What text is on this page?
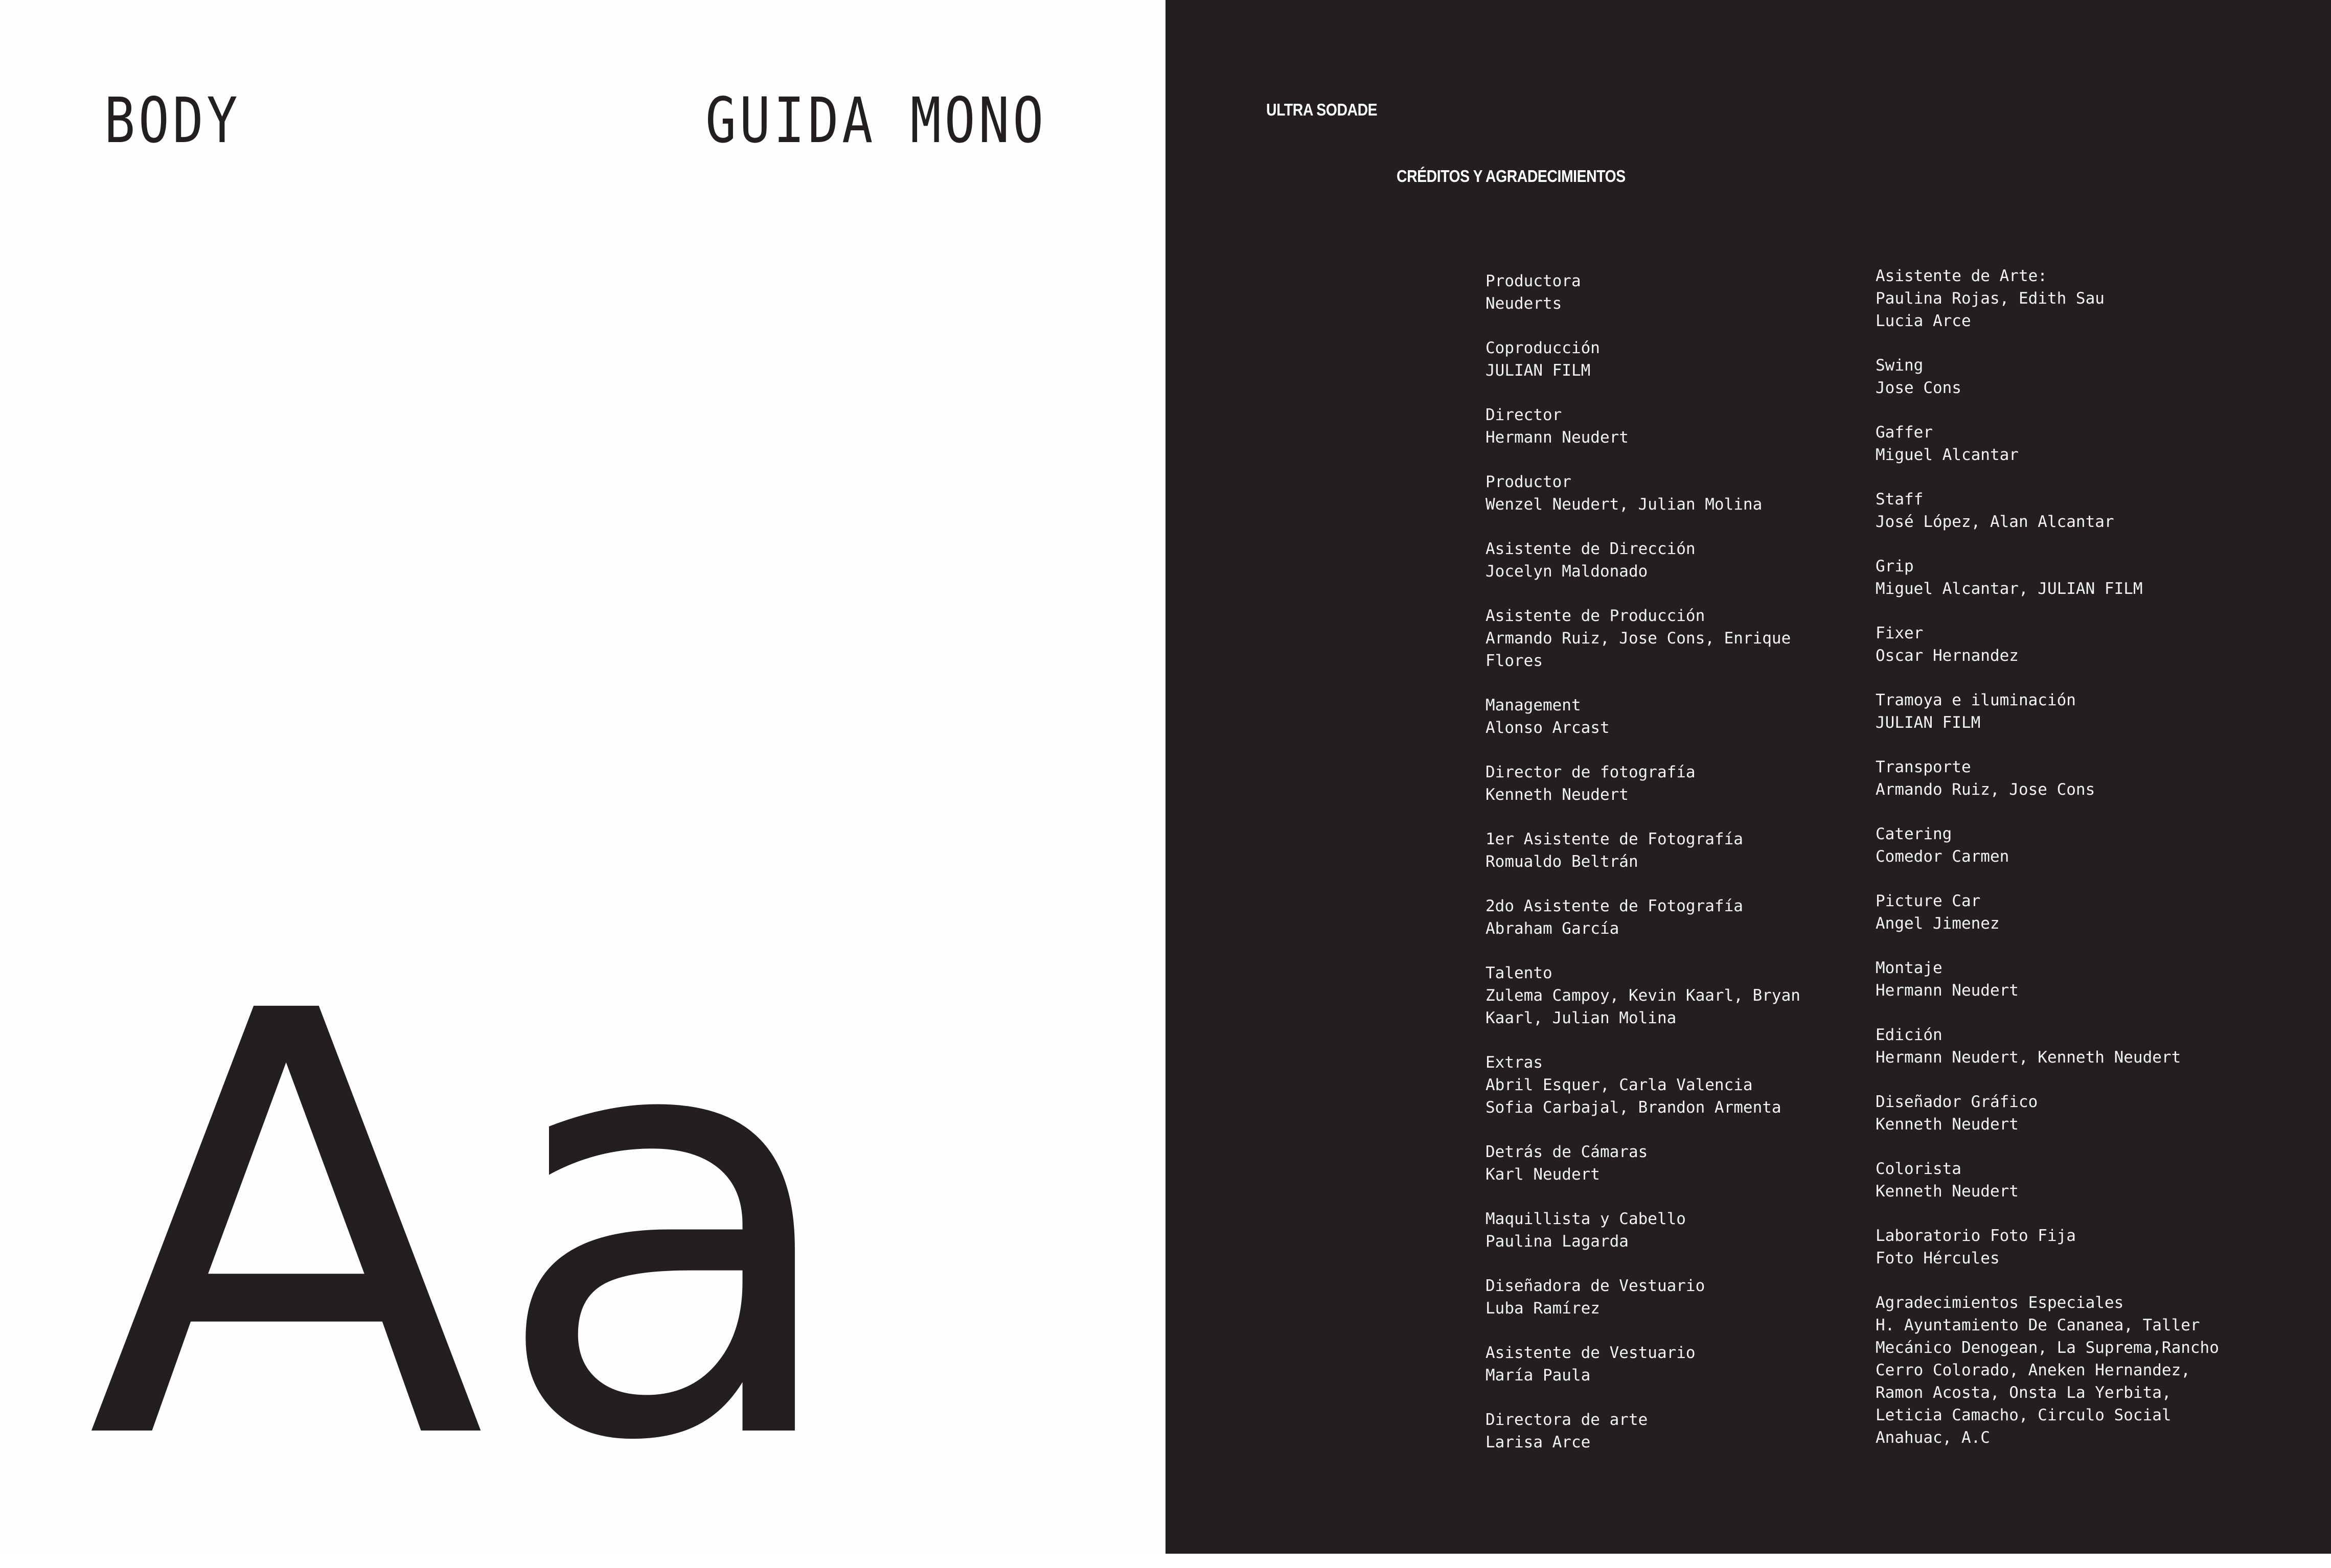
BODY	GUIDA MONO
Aa
ULTRA SODADE
CRÉDITOS Y AGRADECIMIENTOS
Productora
Neuderts
Coproducción
JULIAN FILM
Director
Hermann Neudert
Productor
Wenzel Neudert, Julian Molina
Asistente de Dirección
Jocelyn Maldonado
Asistente de Producción
Armando Ruiz, Jose Cons, Enrique
Flores
Management
Alonso Arcast
Director de fotografía
Kenneth Neudert
1er Asistente de Fotografía
Romualdo Beltrán
2do Asistente de Fotografía
Abraham García
Talento
Zulema Campoy, Kevin Kaarl, Bryan
Kaarl, Julian Molina
Extras
Abril Esquer, Carla Valencia
Sofia Carbajal, Brandon Armenta
Detrás de Cámaras
Karl Neudert
Maquillista y Cabello
Paulina Lagarda
Diseñadora de Vestuario
Luba Ramírez
Asistente de Vestuario
María Paula
Directora de arte
Larisa Arce
Asistente de Arte:
Paulina Rojas, Edith Sau
Lucia Arce
Swing
Jose Cons
Gaffer
Miguel Alcantar
Staff
José López, Alan Alcantar
Grip
Miguel Alcantar, JULIAN FILM
Fixer
Oscar Hernandez
Tramoya e iluminación
JULIAN FILM
Transporte
Armando Ruiz, Jose Cons
Catering
Comedor Carmen
Picture Car
Angel Jimenez
Montaje
Hermann Neudert
Edición
Hermann Neudert, Kenneth Neudert
Diseñador Gráfico
Kenneth Neudert
Colorista
Kenneth Neudert
Laboratorio Foto Fija
Foto Hércules
Agradecimientos Especiales
H. Ayuntamiento De Cananea, Taller
Mecánico Denogean, La Suprema,Rancho
Cerro Colorado, Aneken Hernandez,
Ramon Acosta, Onsta La Yerbita,
Leticia Camacho, Circulo Social
Anahuac, A.C
